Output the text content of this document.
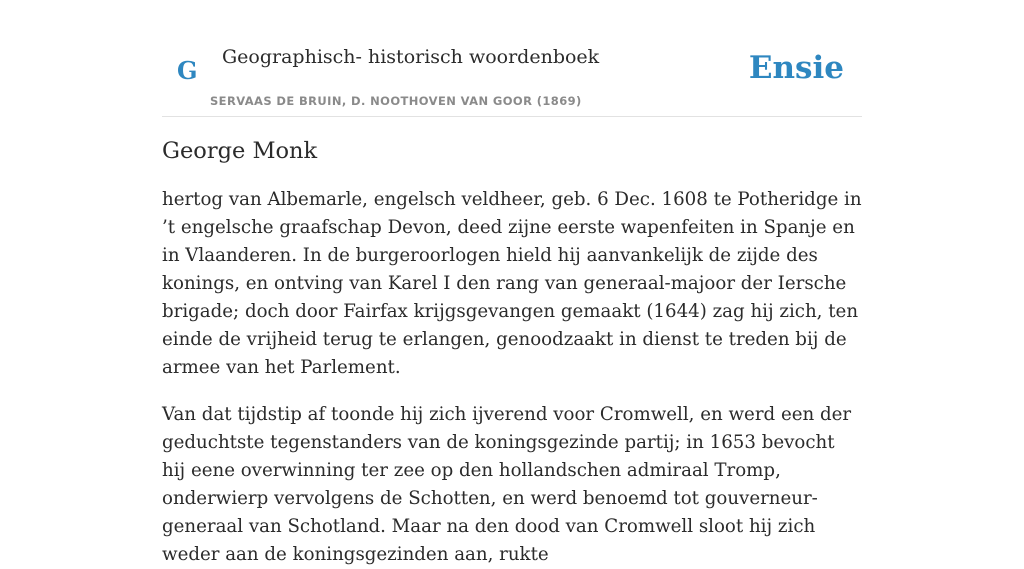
G Geographisch- historisch woordenboek
SERVAAS DE BRUIN, D. NOOTHOVEN VAN GOOR (1869)
Ensie
George Monk

hertog van Albemarle, engelsch veldheer, geb. 6 Dec. 1608 te Potheridge in ’t engelsche graafschap Devon, deed zijne eerste wapenfeiten in Spanje en in Vlaanderen. In de burgeroorlogen hield hij aanvankelijk de zijde des konings, en ontving van Karel I den rang van generaal-majoor der Iersche brigade; doch door Fairfax krijgsgevangen gemaakt (1644) zag hij zich, ten einde de vrijheid terug te erlangen, genoodzaakt in dienst te treden bij de armee van het Parlement.

Van dat tijdstip af toonde hij zich ijverend voor Cromwell, en werd een der geduchtste tegenstanders van de koningsgezinde partij; in 1653 bevocht hij eene overwinning ter zee op den hollandschen admiraal Tromp, onderwierp vervolgens de Schotten, en werd benoemd tot gouverneur-generaal van Schotland. Maar na den dood van Cromwell sloot hij zich weder aan de koningsgezinden aan, rukte
